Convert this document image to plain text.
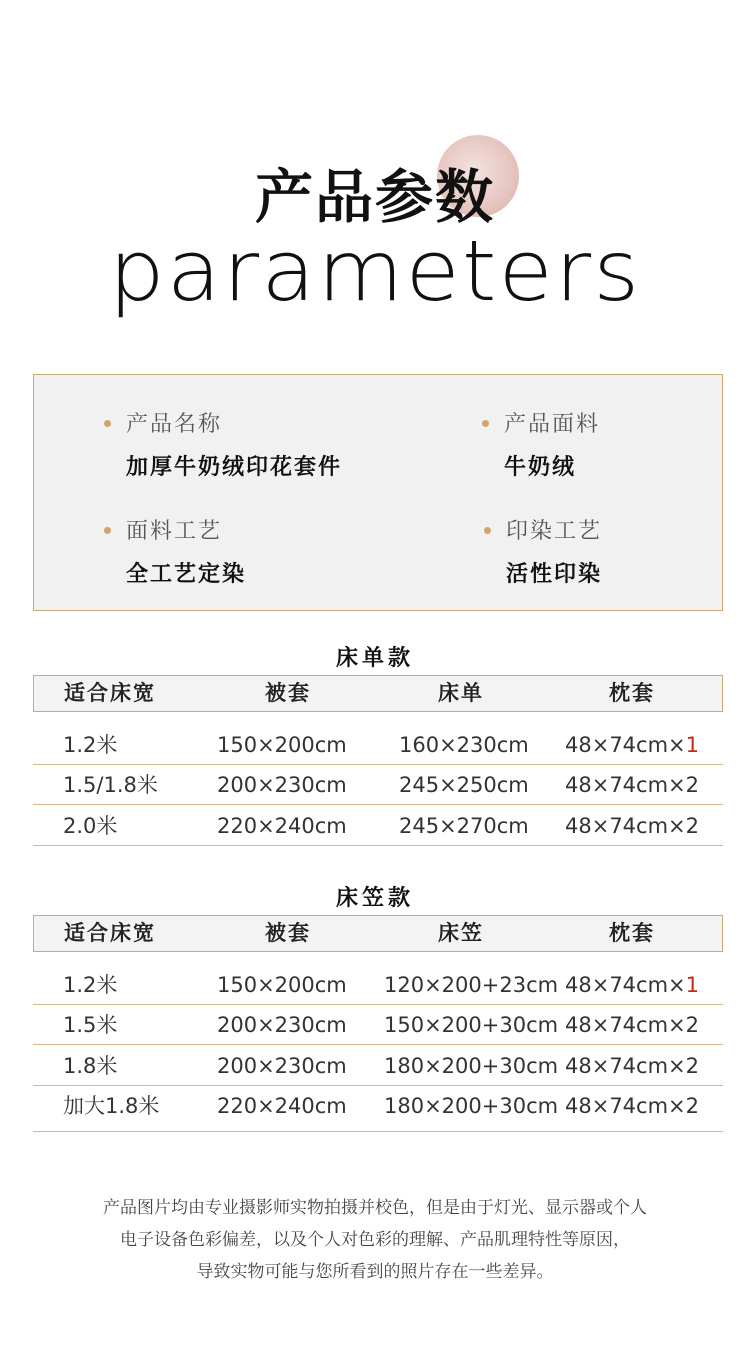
产品参数
parameters
产品名称
加厚牛奶绒印花套件
产品面料
牛奶绒
面料工艺
全工艺定染
印染工艺
活性印染
床单款
适合床宽	被套	床单	枕套
1.2米	150×200cm 160×230cm 48×74cm×1
1.5/1.8米	200×230cm 245×250cm 48×74cm×2
2.0米	220×240cm 245×270cm 48×74cm×2
床笠款
适合床宽	被套	床笠	枕套
1.2米	150×200cm 120×200+23cm 48×74cm×1
1.5米	200×230cm 150×200+30cm 48×74cm×2
1.8米	200×230cm 180×200+30cm 48×74cm×2
加大1.8米	220×240cm 180×200+30cm 48×74cm×2
产品图片均由专业摄影师实物拍摄并校色，但是由于灯光、显示器或个人
电子设备色彩偏差，以及个人对色彩的理解、产品肌理特性等原因，
导致实物可能与您所看到的照片存在一些差异。
